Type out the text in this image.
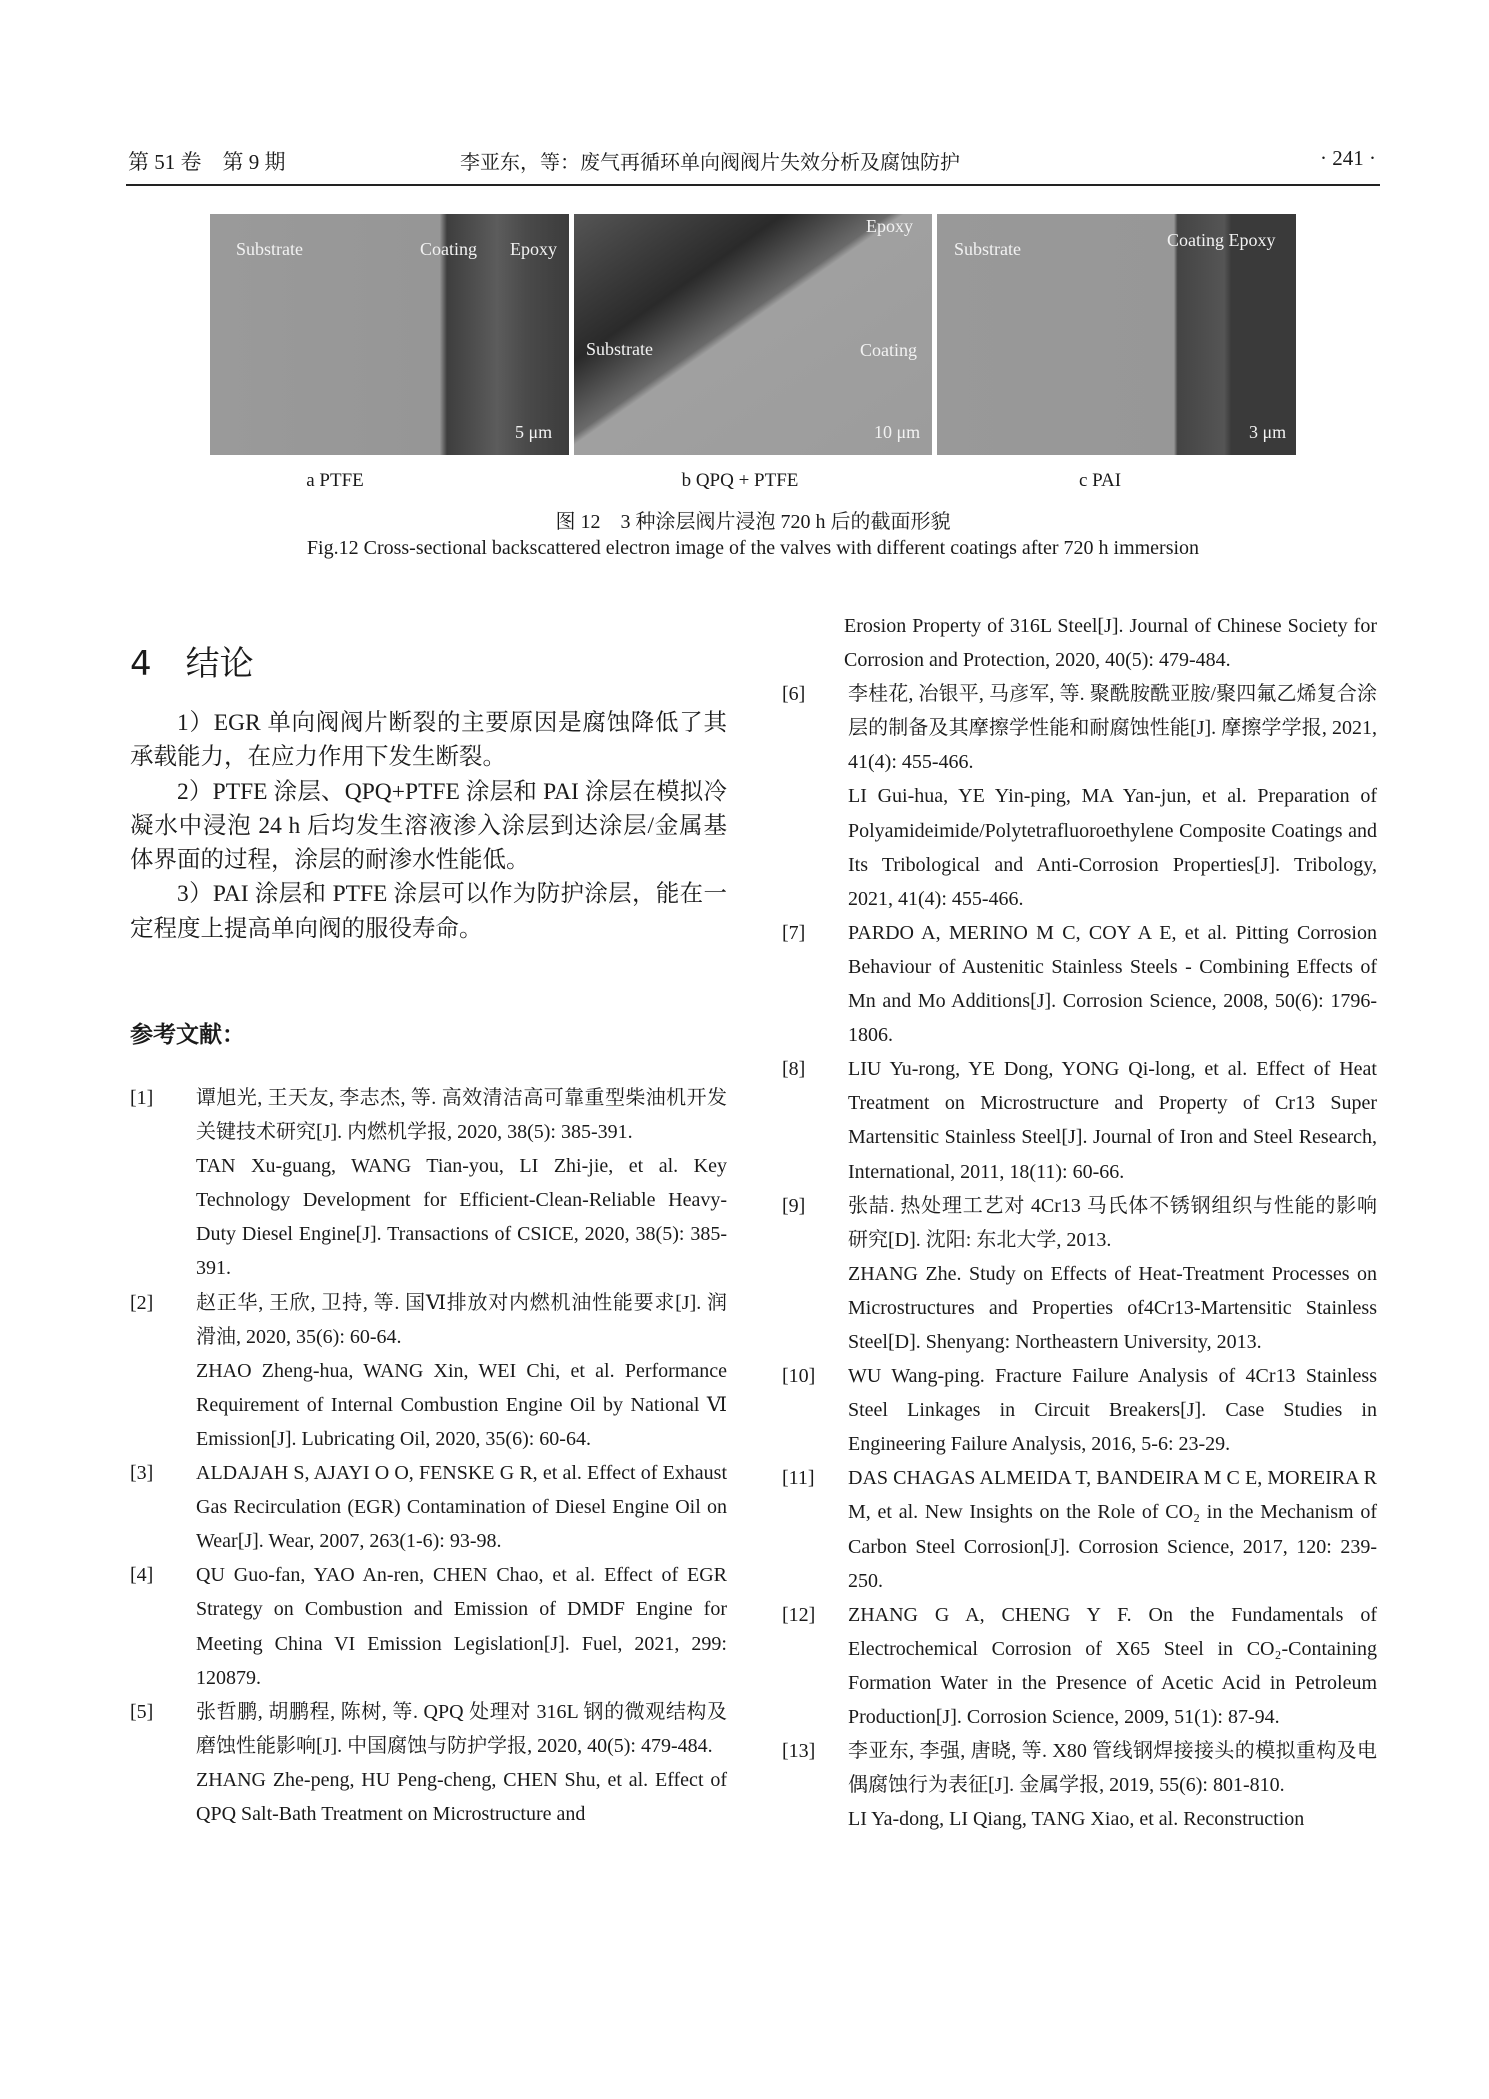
第 51 卷　第 9 期	李亚东，等：废气再循环单向阀阀片失效分析及腐蚀防护	· 241 ·
Substrate	Coating Epoxy
5 μm
Epoxy
Substrate	Coating
10 μm
Substrate	Coating Epoxy
3 μm
a PTFE	b QPQ + PTFE	c PAI
图 12　3 种涂层阀片浸泡 720 h 后的截面形貌
Fig.12 Cross-sectional backscattered electron image of the valves with different coatings after 720 h immersion
4　结论

1）EGR 单向阀阀片断裂的主要原因是腐蚀降低了其承载能力，在应力作用下发生断裂。

2）PTFE 涂层、QPQ+PTFE 涂层和 PAI 涂层在模拟冷凝水中浸泡 24 h 后均发生溶液渗入涂层到达涂层/金属基体界面的过程，涂层的耐渗水性能低。

3）PAI 涂层和 PTFE 涂层可以作为防护涂层，能在一定程度上提高单向阀的服役寿命。

参考文献：
[1] 谭旭光, 王天友, 李志杰, 等. 高效清洁高可靠重型柴油机开发关键技术研究[J]. 内燃机学报, 2020, 38(5): 385-391.

TAN Xu-guang, WANG Tian-you, LI Zhi-jie, et al. Key Technology Development for Efficient-Clean-Reliable Heavy-Duty Diesel Engine[J]. Transactions of CSICE, 2020, 38(5): 385-391.

[2] 赵正华, 王欣, 卫持, 等. 国Ⅵ排放对内燃机油性能要求[J]. 润滑油, 2020, 35(6): 60-64.

ZHAO Zheng-hua, WANG Xin, WEI Chi, et al. Performance Requirement of Internal Combustion Engine Oil by National Ⅵ Emission[J]. Lubricating Oil, 2020, 35(6): 60-64.

[3] ALDAJAH S, AJAYI O O, FENSKE G R, et al. Effect of Exhaust Gas Recirculation (EGR) Contamination of Diesel Engine Oil on Wear[J]. Wear, 2007, 263(1-6): 93-98.

[4] QU Guo-fan, YAO An-ren, CHEN Chao, et al. Effect of EGR Strategy on Combustion and Emission of DMDF Engine for Meeting China VI Emission Legislation[J]. Fuel, 2021, 299: 120879.

[5] 张哲鹏, 胡鹏程, 陈树, 等. QPQ 处理对 316L 钢的微观结构及磨蚀性能影响[J]. 中国腐蚀与防护学报, 2020, 40(5): 479-484.

ZHANG Zhe-peng, HU Peng-cheng, CHEN Shu, et al. Effect of QPQ Salt-Bath Treatment on Microstructure and

Erosion Property of 316L Steel[J]. Journal of Chinese Society for Corrosion and Protection, 2020, 40(5): 479-484.

[6] 李桂花, 冶银平, 马彦军, 等. 聚酰胺酰亚胺/聚四氟乙烯复合涂层的制备及其摩擦学性能和耐腐蚀性能[J]. 摩擦学学报, 2021, 41(4): 455-466.

LI Gui-hua, YE Yin-ping, MA Yan-jun, et al. Preparation of Polyamideimide/Polytetrafluoroethylene Composite Coatings and Its Tribological and Anti-Corrosion Properties[J]. Tribology, 2021, 41(4): 455-466.

[7] PARDO A, MERINO M C, COY A E, et al. Pitting Corrosion Behaviour of Austenitic Stainless Steels - Combining Effects of Mn and Mo Additions[J]. Corrosion Science, 2008, 50(6): 1796-1806.

[8] LIU Yu-rong, YE Dong, YONG Qi-long, et al. Effect of Heat Treatment on Microstructure and Property of Cr13 Super Martensitic Stainless Steel[J]. Journal of Iron and Steel Research, International, 2011, 18(11): 60-66.

[9] 张喆. 热处理工艺对 4Cr13 马氏体不锈钢组织与性能的影响研究[D]. 沈阳: 东北大学, 2013.

ZHANG Zhe. Study on Effects of Heat-Treatment Processes on Microstructures and Properties of4Cr13-Martensitic Stainless Steel[D]. Shenyang: Northeastern University, 2013.

[10] WU Wang-ping. Fracture Failure Analysis of 4Cr13 Stainless Steel Linkages in Circuit Breakers[J]. Case Studies in Engineering Failure Analysis, 2016, 5-6: 23-29.

[11] DAS CHAGAS ALMEIDA T, BANDEIRA M C E, MOREIRA R M, et al. New Insights on the Role of CO₂ in the Mechanism of Carbon Steel Corrosion[J]. Corrosion Science, 2017, 120: 239-250.

[12] ZHANG G A, CHENG Y F. On the Fundamentals of Electrochemical Corrosion of X65 Steel in CO₂-Containing Formation Water in the Presence of Acetic Acid in Petroleum Production[J]. Corrosion Science, 2009, 51(1): 87-94.

[13] 李亚东, 李强, 唐晓, 等. X80 管线钢焊接接头的模拟重构及电偶腐蚀行为表征[J]. 金属学报, 2019, 55(6): 801-810.

LI Ya-dong, LI Qiang, TANG Xiao, et al. Reconstruction
